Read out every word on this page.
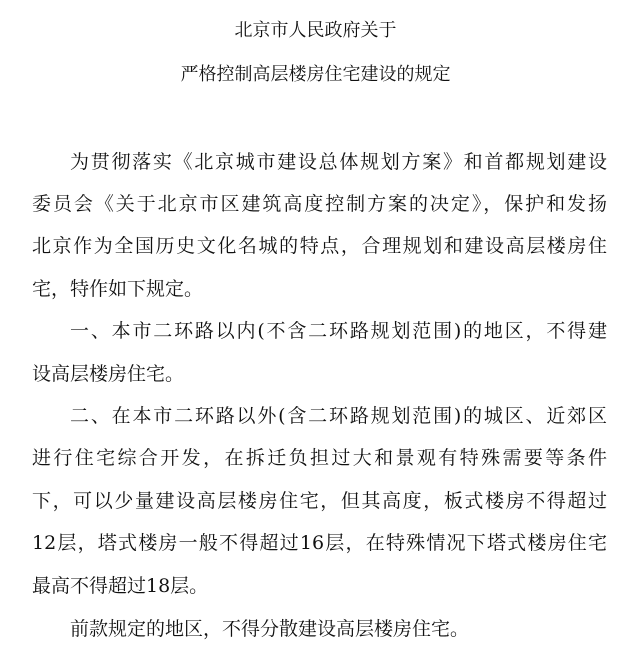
北京市人民政府关于
严格控制高层楼房住宅建设的规定
为贯彻落实《北京城市建设总体规划方案》和首都规划建设
委员会《关于北京市区建筑高度控制方案的决定》，保护和发扬
北京作为全国历史文化名城的特点，合理规划和建设高层楼房住
宅，特作如下规定。
一、本市二环路以内(不含二环路规划范围)的地区，不得建
设高层楼房住宅。
二、在本市二环路以外(含二环路规划范围)的城区、近郊区
进行住宅综合开发，在拆迁负担过大和景观有特殊需要等条件
下，可以少量建设高层楼房住宅，但其高度，板式楼房不得超过
12层，塔式楼房一般不得超过16层，在特殊情况下塔式楼房住宅
最高不得超过18层。
前款规定的地区，不得分散建设高层楼房住宅。
